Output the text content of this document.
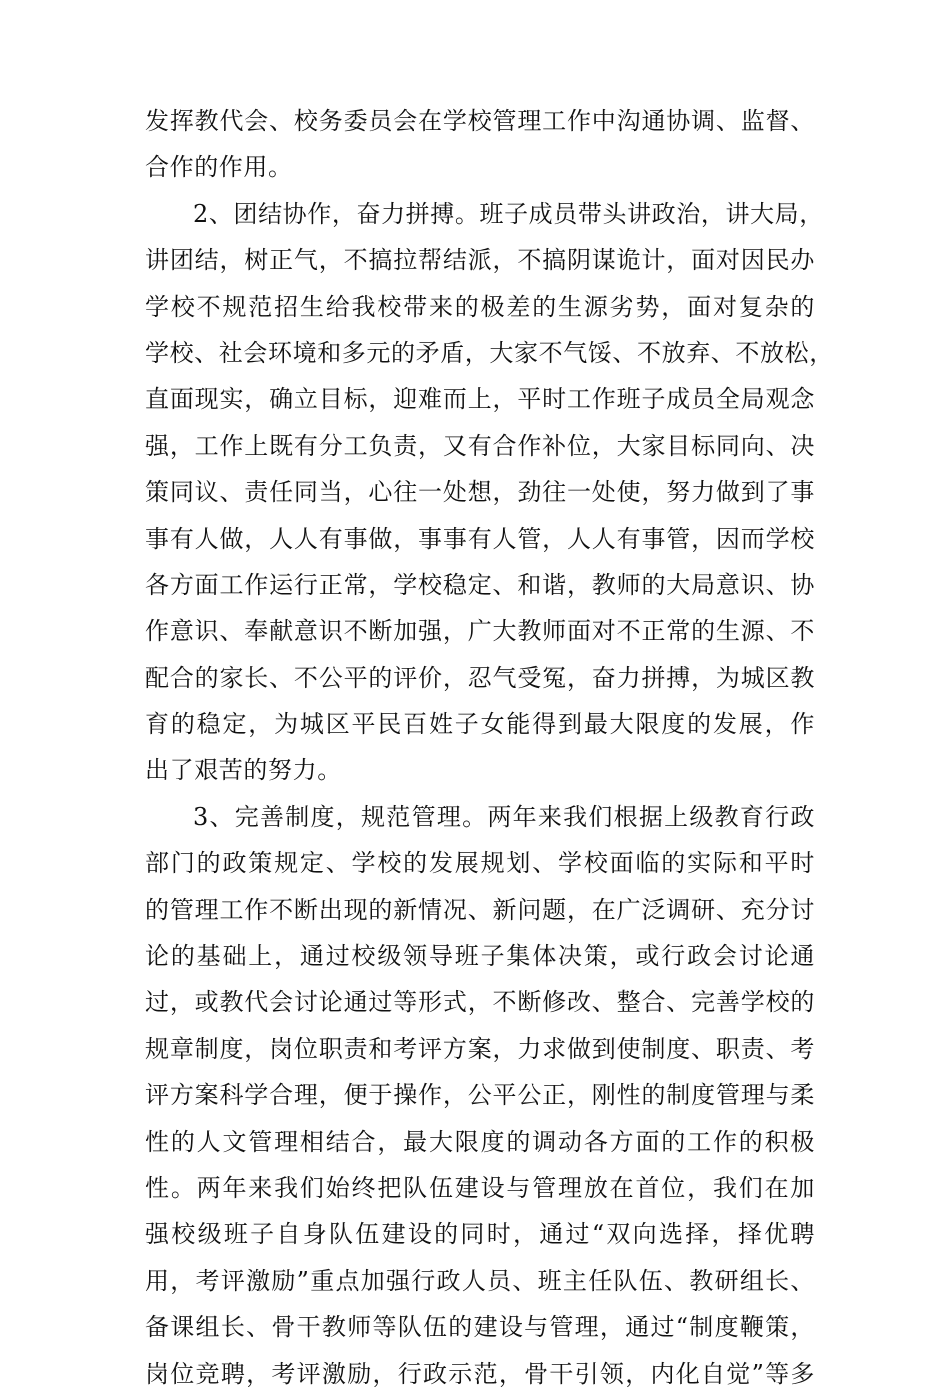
发挥教代会、校务委员会在学校管理工作中沟通协调、监督、
合作的作用。
2、团结协作，奋力拼搏。班子成员带头讲政治，讲大局，
讲团结，树正气，不搞拉帮结派，不搞阴谋诡计，面对因民办
学校不规范招生给我校带来的极差的生源劣势，面对复杂的
学校、社会环境和多元的矛盾，大家不气馁、不放弃、不放松，
直面现实，确立目标，迎难而上，平时工作班子成员全局观念
强，工作上既有分工负责，又有合作补位，大家目标同向、决
策同议、责任同当，心往一处想，劲往一处使，努力做到了事
事有人做，人人有事做，事事有人管，人人有事管，因而学校
各方面工作运行正常，学校稳定、和谐，教师的大局意识、协
作意识、奉献意识不断加强，广大教师面对不正常的生源、不
配合的家长、不公平的评价，忍气受冤，奋力拼搏，为城区教
育的稳定，为城区平民百姓子女能得到最大限度的发展，作
出了艰苦的努力。
3、完善制度，规范管理。两年来我们根据上级教育行政
部门的政策规定、学校的发展规划、学校面临的实际和平时
的管理工作不断出现的新情况、新问题，在广泛调研、充分讨
论的基础上，通过校级领导班子集体决策，或行政会讨论通
过，或教代会讨论通过等形式，不断修改、整合、完善学校的
规章制度，岗位职责和考评方案，力求做到使制度、职责、考
评方案科学合理，便于操作，公平公正，刚性的制度管理与柔
性的人文管理相结合，最大限度的调动各方面的工作的积极
性。两年来我们始终把队伍建设与管理放在首位，我们在加
强校级班子自身队伍建设的同时，通过“双向选择，择优聘
用，考评激励”重点加强行政人员、班主任队伍、教研组长、
备课组长、骨干教师等队伍的建设与管理，通过“制度鞭策，
岗位竞聘，考评激励，行政示范，骨干引领，内化自觉”等多
